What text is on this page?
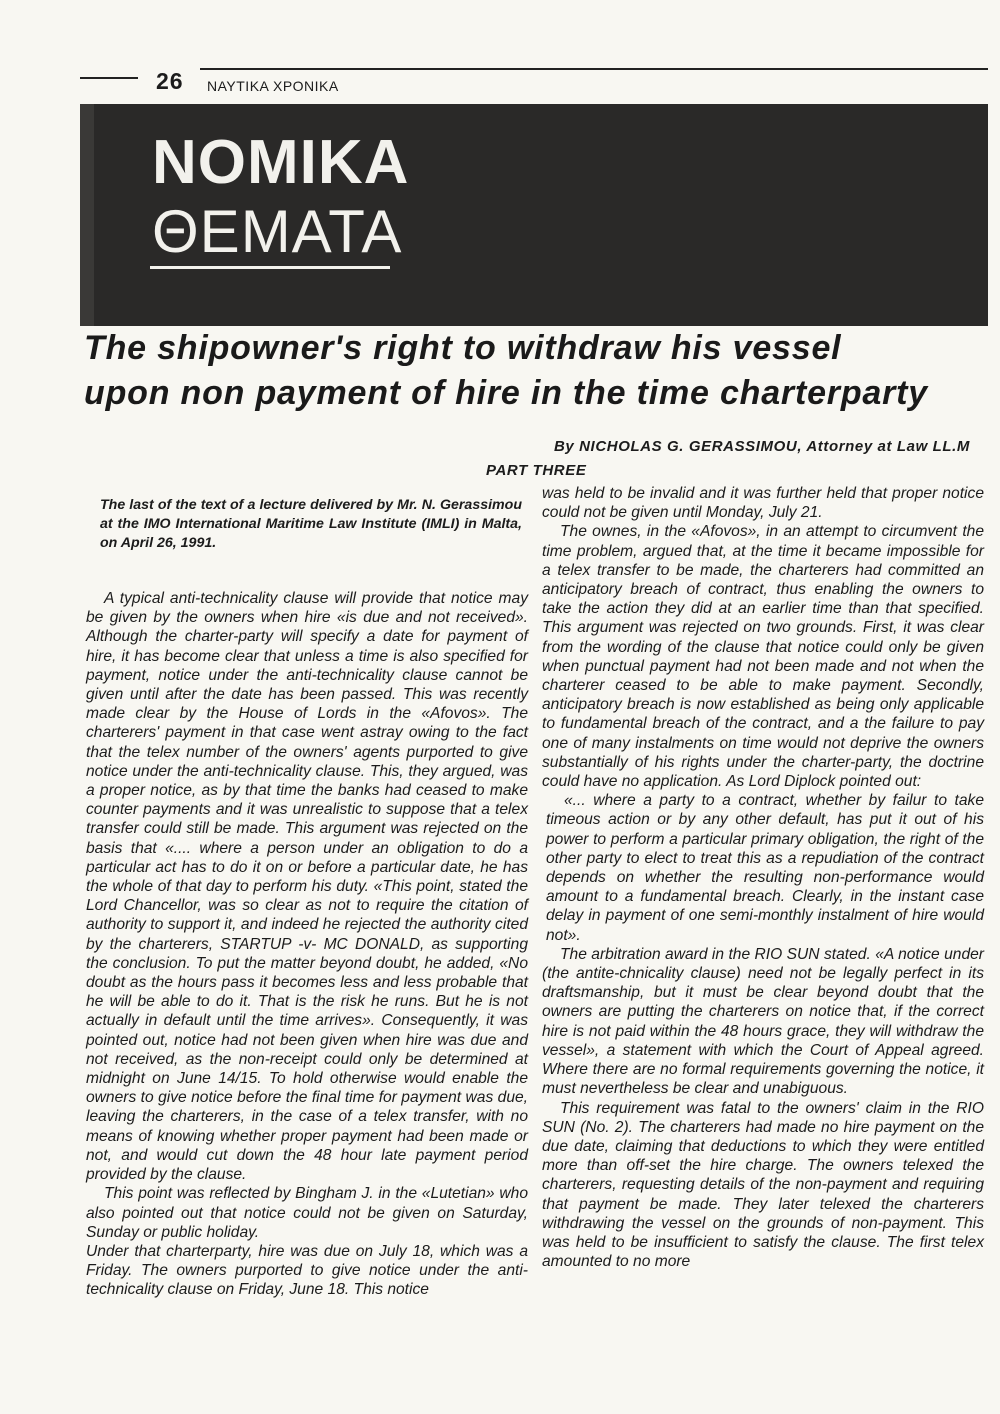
26 ΝΑΥΤΙΚΑ ΧΡΟΝΙΚΑ
NOMIKA
ΘΕΜΑΤΑ
The shipowner's right to withdraw his vessel
upon non payment of hire in the time charterparty
By NICHOLAS G. GERASSIMOU, Attorney at Law LL.M
PART THREE

The last of the text of a lecture delivered by Mr. N. Gerassimou at the IMO International Maritime Law Institute (IMLI) in Malta, on April 26, 1991.

A typical anti-technicality clause will provide that notice may be given by the owners when hire «is due and not received». Although the charter-party will specify a date for payment of hire, it has become clear that unless a time is also specified for payment, notice under the anti-technicality clause cannot be given until after the date has been passed. This was recently made clear by the House of Lords in the «Afovos». The charterers' payment in that case went astray owing to the fact that the telex number of the owners' agents purported to give notice under the anti-technicality clause. This, they argued, was a proper notice, as by that time the banks had ceased to make counter payments and it was unrealistic to suppose that a telex transfer could still be made. This argument was rejected on the basis that «.... where a person under an obligation to do a particular act has to do it on or before a particular date, he has the whole of that day to perform his duty. «This point, stated the Lord Chancellor, was so clear as not to require the citation of authority to support it, and indeed he rejected the authority cited by the charterers, STARTUP -v- MC DONALD, as supporting the conclusion. To put the matter beyond doubt, he added, «No doubt as the hours pass it becomes less and less probable that he will be able to do it. That is the risk he runs. But he is not actually in default until the time arrives». Consequently, it was pointed out, notice had not been given when hire was due and not received, as the non-receipt could only be determined at midnight on June 14/15. To hold otherwise would enable the owners to give notice before the final time for payment was due, leaving the charterers, in the case of a telex transfer, with no means of knowing whether proper payment had been made or not, and would cut down the 48 hour late payment period provided by the clause.

This point was reflected by Bingham J. in the «Lutetian» who also pointed out that notice could not be given on Saturday, Sunday or public holiday.

Under that charterparty, hire was due on July 18, which was a Friday. The owners purported to give notice under the anti-technicality clause on Friday, June 18. This notice

was held to be invalid and it was further held that proper notice could not be given until Monday, July 21.

The ownes, in the «Afovos», in an attempt to circumvent the time problem, argued that, at the time it became impossible for a telex transfer to be made, the charterers had committed an anticipatory breach of contract, thus enabling the owners to take the action they did at an earlier time than that specified. This argument was rejected on two grounds. First, it was clear from the wording of the clause that notice could only be given when punctual payment had not been made and not when the charterer ceased to be able to make payment. Secondly, anticipatory breach is now established as being only applicable to fundamental breach of the contract, and a the failure to pay one of many instalments on time would not deprive the owners substantially of his rights under the charter-party, the doctrine could have no application. As Lord Diplock pointed out:

«... where a party to a contract, whether by failur to take timeous action or by any other default, has put it out of his power to perform a particular primary obligation, the right of the other party to elect to treat this as a repudiation of the contract depends on whether the resulting non-performance would amount to a fundamental breach. Clearly, in the instant case delay in payment of one semi-monthly instalment of hire would not».

The arbitration award in the RIO SUN stated. «A notice under (the antite-chnicality clause) need not be legally perfect in its draftsmanship, but it must be clear beyond doubt that the owners are putting the charterers on notice that, if the correct hire is not paid within the 48 hours grace, they will withdraw the vessel», a statement with which the Court of Appeal agreed. Where there are no formal requirements governing the notice, it must nevertheless be clear and unabiguous.

This requirement was fatal to the owners' claim in the RIO SUN (No. 2). The charterers had made no hire payment on the due date, claiming that deductions to which they were entitled more than off-set the hire charge. The owners telexed the charterers, requesting details of the non-payment and requiring that payment be made. They later telexed the charterers withdrawing the vessel on the grounds of non-payment. This was held to be insufficient to satisfy the clause. The first telex amounted to no more
